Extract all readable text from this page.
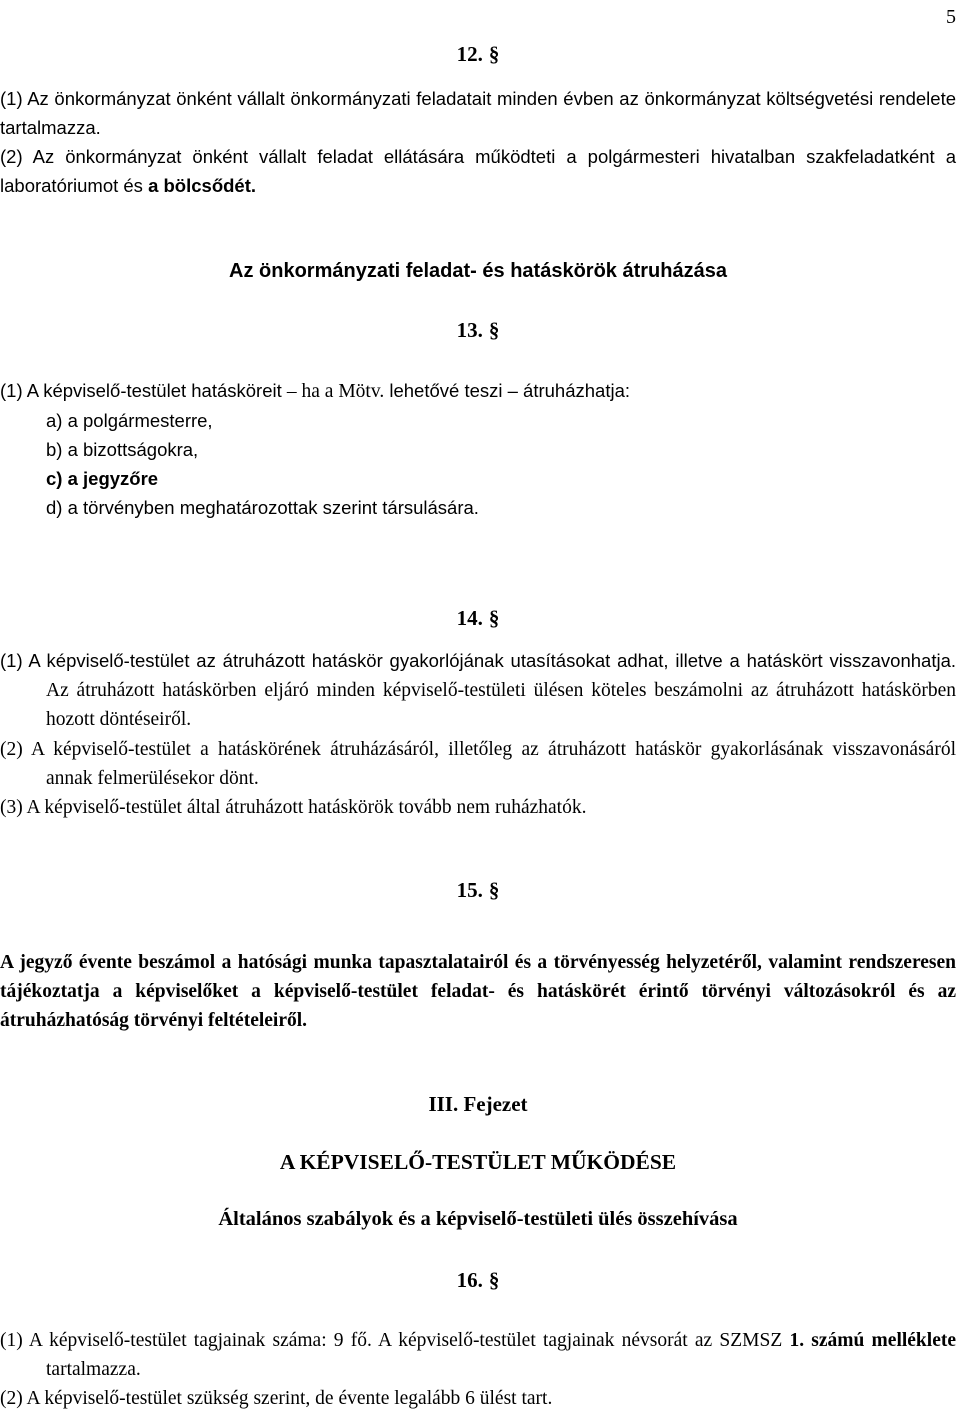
5
12. §
(1) Az önkormányzat önként vállalt önkormányzati feladatait minden évben az önkormányzat költségvetési rendelete tartalmazza.
(2) Az önkormányzat önként vállalt feladat ellátására működteti a polgármesteri hivatalban szakfeladatként a laboratóriumot és a bölcsődét.
Az önkormányzati feladat- és hatáskörök átruházása
13. §
(1) A képviselő-testület hatásköreit – ha a Mötv. lehetővé teszi – átruházhatja:
a) a polgármesterre,
b) a bizottságokra,
c) a jegyzőre
d) a törvényben meghatározottak szerint társulására.
14. §
(1) A képviselő-testület az átruházott hatáskör gyakorlójának utasításokat adhat, illetve a hatáskört visszavonhatja. Az átruházott hatáskörben eljáró minden képviselő-testületi ülésen köteles beszámolni az átruházott hatáskörben hozott döntéseiről.
(2) A képviselő-testület a hatáskörének átruházásáról, illetőleg az átruházott hatáskör gyakorlásának visszavonásáról annak felmerülésekor dönt.
(3) A képviselő-testület által átruházott hatáskörök tovább nem ruházhatók.
15. §
A jegyző évente beszámol a hatósági munka tapasztalatairól és a törvényesség helyzetéről, valamint rendszeresen tájékoztatja a képviselőket a képviselő-testület feladat- és hatáskörét érintő törvényi változásokról és az átruházhatóság törvényi feltételeiről.
III. Fejezet
A KÉPVISELŐ-TESTÜLET MŰKÖDÉSE
Általános szabályok és a képviselő-testületi ülés összehívása
16. §
(1) A képviselő-testület tagjainak száma: 9 fő. A képviselő-testület tagjainak névsorát az SZMSZ 1. számú melléklete tartalmazza.
(2) A képviselő-testület szükség szerint, de évente legalább 6 ülést tart.
